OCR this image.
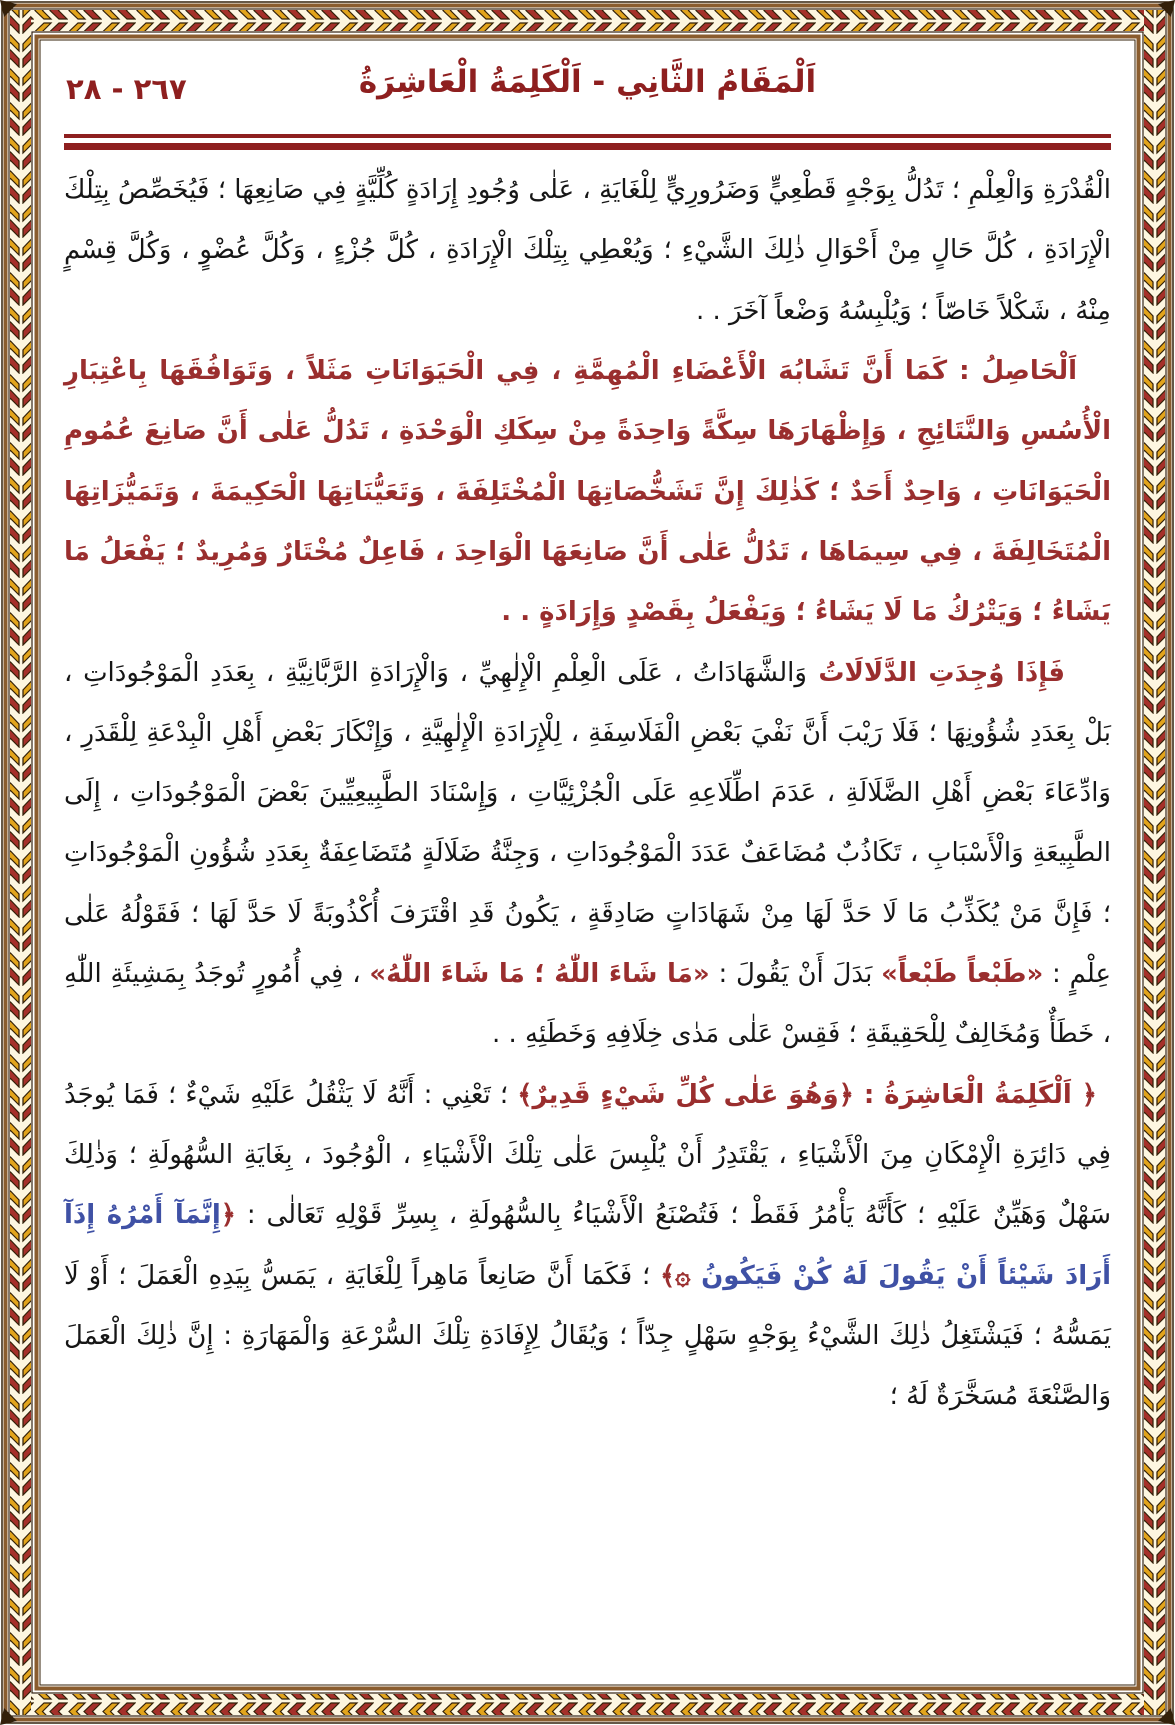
٢٦٧ - ٢٨	اَلْمَقَامُ الثَّانِي - اَلْكَلِمَةُ الْعَاشِرَةُ

الْقُدْرَةِ وَالْعِلْمِ ؛ تَدُلُّ بِوَجْهٍ قَطْعِيٍّ وَضَرُورِيٍّ لِلْغَايَةِ ، عَلٰى وُجُودِ إِرَادَةٍ كُلِّيَّةٍ فِي صَانِعِهَا ؛ فَيُخَصِّصُ بِتِلْكَ الْإِرَادَةِ ، كُلَّ حَالٍ مِنْ أَحْوَالِ ذٰلِكَ الشَّيْءِ ؛ وَيُعْطِي بِتِلْكَ الْإِرَادَةِ ، كُلَّ جُزْءٍ ، وَكُلَّ عُضْوٍ ، وَكُلَّ قِسْمٍ مِنْهُ ، شَكْلاً خَاصّاً ؛ وَيُلْبِسُهُ وَضْعاً آخَرَ . .

اَلْحَاصِلُ : كَمَا أَنَّ تَشَابُهَ الْأَعْضَاءِ الْمُهِمَّةِ ، فِي الْحَيَوَانَاتِ مَثَلاً ، وَتَوَافُقَهَا بِاعْتِبَارِ الْأُسُسِ وَالنَّتَائِجِ ، وَإِظْهَارَهَا سِكَّةً وَاحِدَةً مِنْ سِكَكِ الْوَحْدَةِ ، تَدُلُّ عَلٰى أَنَّ صَانِعَ عُمُومِ الْحَيَوَانَاتِ ، وَاحِدٌ أَحَدٌ ؛ كَذٰلِكَ إِنَّ تَشَخُّصَاتِهَا الْمُخْتَلِفَةَ ، وَتَعَيُّنَاتِهَا الْحَكِيمَةَ ، وَتَمَيُّزَاتِهَا الْمُتَخَالِفَةَ ، فِي سِيمَاهَا ، تَدُلُّ عَلٰى أَنَّ صَانِعَهَا الْوَاحِدَ ، فَاعِلٌ مُخْتَارٌ وَمُرِيدٌ ؛ يَفْعَلُ مَا يَشَاءُ ؛ وَيَتْرُكُ مَا لَا يَشَاءُ ؛ وَيَفْعَلُ بِقَصْدٍ وَإِرَادَةٍ . .

فَإِذَا وُجِدَتِ الدَّلَالَاتُ وَالشَّهَادَاتُ ، عَلَى الْعِلْمِ الْإِلٰهِيِّ ، وَالْإِرَادَةِ الرَّبَّانِيَّةِ ، بِعَدَدِ الْمَوْجُودَاتِ ، بَلْ بِعَدَدِ شُؤُونِهَا ؛ فَلَا رَيْبَ أَنَّ نَفْيَ بَعْضِ الْفَلَاسِفَةِ ، لِلْإِرَادَةِ الْإِلٰهِيَّةِ ، وَإِنْكَارَ بَعْضِ أَهْلِ الْبِدْعَةِ لِلْقَدَرِ ، وَادِّعَاءَ بَعْضِ أَهْلِ الضَّلَالَةِ ، عَدَمَ اطِّلَاعِهِ عَلَى الْجُزْئِيَّاتِ ، وَإِسْنَادَ الطَّبِيعِيِّينَ بَعْضَ الْمَوْجُودَاتِ ، إِلَى الطَّبِيعَةِ وَالْأَسْبَابِ ، تَكَاذُبٌ مُضَاعَفٌ عَدَدَ الْمَوْجُودَاتِ ، وَجِنَّةُ ضَلَالَةٍ مُتَضَاعِفَةٌ بِعَدَدِ شُؤُونِ الْمَوْجُودَاتِ ؛ فَإِنَّ مَنْ يُكَذِّبُ مَا لَا حَدَّ لَهَا مِنْ شَهَادَاتٍ صَادِقَةٍ ، يَكُونُ قَدِ اقْتَرَفَ أُكْذُوبَةً لَا حَدَّ لَهَا ؛ فَقَوْلُهُ عَلٰى عِلْمٍ : «طَبْعاً طَبْعاً» بَدَلَ أَنْ يَقُولَ : «مَا شَاءَ اللّٰهُ ؛ مَا شَاءَ اللّٰهُ» ، فِي أُمُورٍ تُوجَدُ بِمَشِيئَةِ اللّٰهِ ، خَطَأٌ وَمُخَالِفٌ لِلْحَقِيقَةِ ؛ فَقِسْ عَلٰى مَدٰى خِلَافِهِ وَخَطَئِهِ . .

﴿ اَلْكَلِمَةُ الْعَاشِرَةُ : ﴿وَهُوَ عَلٰى كُلِّ شَيْءٍ قَدِيرٌ﴾ ؛ تَعْنِي : أَنَّهُ لَا يَثْقُلُ عَلَيْهِ شَيْءٌ ؛ فَمَا يُوجَدُ فِي دَائِرَةِ الْإِمْكَانِ مِنَ الْأَشْيَاءِ ، يَقْتَدِرُ أَنْ يُلْبِسَ عَلٰى تِلْكَ الْأَشْيَاءِ ، الْوُجُودَ ، بِغَايَةِ السُّهُولَةِ ؛ وَذٰلِكَ سَهْلٌ وَهَيِّنٌ عَلَيْهِ ؛ كَأَنَّهُ يَأْمُرُ فَقَطْ ؛ فَتُصْنَعُ الْأَشْيَاءُ بِالسُّهُولَةِ ، بِسِرِّ قَوْلِهِ تَعَالٰى : ﴿إِنَّمَآ أَمْرُهُ إِذَآ أَرَادَ شَيْئاً أَنْ يَقُولَ لَهُ كُنْ فَيَكُونُ ۞﴾ ؛ فَكَمَا أَنَّ صَانِعاً مَاهِراً لِلْغَايَةِ ، يَمَسُّ بِيَدِهِ الْعَمَلَ ؛ أَوْ لَا يَمَسُّهُ ؛ فَيَشْتَغِلُ ذٰلِكَ الشَّيْءُ بِوَجْهٍ سَهْلٍ جِدّاً ؛ وَيُقَالُ لِإِفَادَةِ تِلْكَ السُّرْعَةِ وَالْمَهَارَةِ : إِنَّ ذٰلِكَ الْعَمَلَ وَالصَّنْعَةَ مُسَخَّرَةٌ لَهُ ؛
